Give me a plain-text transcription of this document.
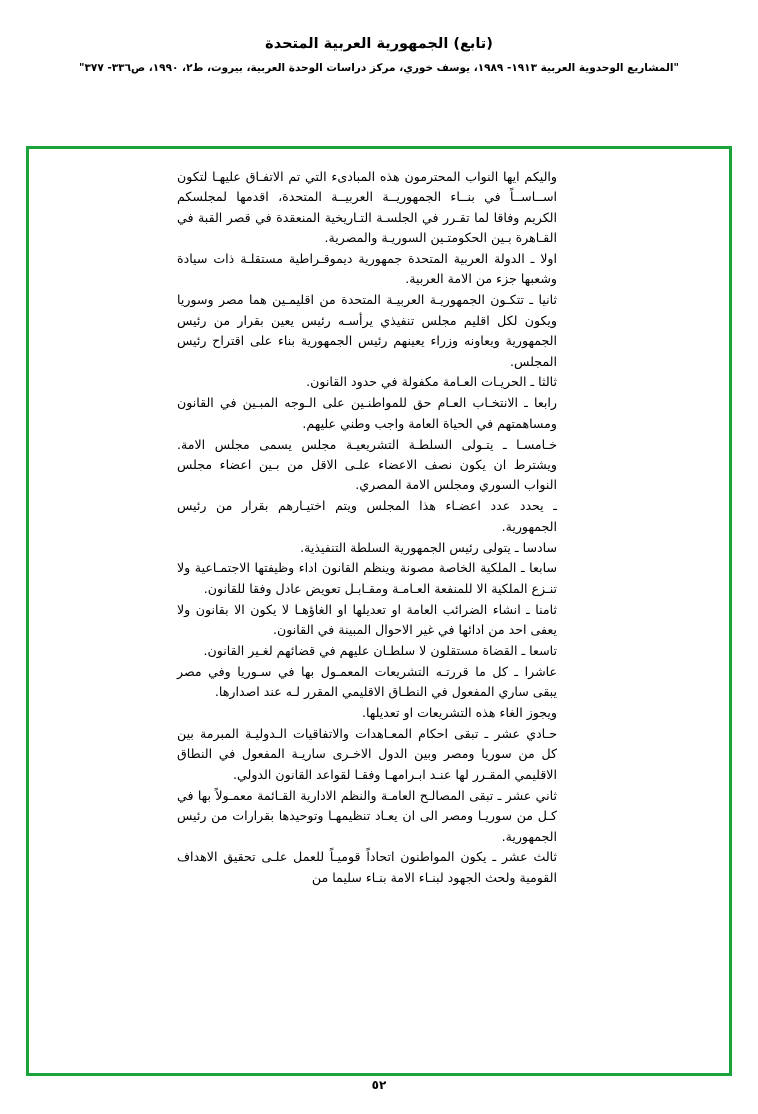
(تابع) الجمهورية العربية المتحدة
"المشاريع الوحدوية العربية ١٩١٣- ١٩٨٩، يوسف خوري، مركز دراسات الوحدة العربية، بيروت، ط٢، ١٩٩٠، ص٣٣٦- ٣٧٧"

واليكم ايها النواب المحترمون هذه المبادىء التي تم الاتفـاق عليهـا لتكون اســاســاً في بنــاء الجمهوريــة العربيــة المتحدة، اقدمها لمجلسكم الكريم وفاقا لما تقـرر في الجلسـة التـاريخية المنعقدة في قصر القبة في القـاهرة بـين الحكومتـين السوريـة والمصرية.

اولا ـ الدولة العربية المتحدة جمهورية ديموقـراطية مستقلـة ذات سيادة وشعبها جزء من الامة العربية.

ثانيا ـ تتكـون الجمهوريـة العربيـة المتحدة من اقليمـين هما مصر وسوريا ويكون لكل اقليم مجلس تنفيذي يرأسـه رئيس يعين بقرار من رئيس الجمهورية ويعاونه وزراء يعينهم رئيس الجمهورية بناء على اقتراح رئيس المجلس.

ثالثا ـ الحريـات العـامة مكفولة في حدود القانون.

رابعا ـ الانتخـاب العـام حق للمواطنـين على الـوجه المبـين في القانون ومساهمتهم في الحياة العامة واجب وطني عليهم.

خـامسـا ـ يتـولى السلطـة التشريعيـة مجلس يسمى مجلس الامة. ويشترط ان يكون نصف الاعضاء علـى الاقل من بـين اعضاء مجلس النواب السوري ومجلس الامة المصري.

ـ يحدد عدد اعضـاء هذا المجلس ويتم اختيـارهم بقرار من رئيس الجمهورية.

سادسا ـ يتولى رئيس الجمهورية السلطة التنفيذية.

سابعا ـ الملكية الخاصة مصونة وينظم القانون اداء وظيفتها الاجتمـاعية ولا تنـزع الملكية الا للمنفعة العـامـة ومقـابـل تعويض عادل وفقا للقانون.

ثامنا ـ انشاء الضرائب العامة او تعديلها او الغاؤهـا لا يكون الا بقانون ولا يعفى احد من ادائها في غير الاحوال المبينة في القانون.

تاسعا ـ القضاة مستقلون لا سلطـان عليهم في قضائهم لغـير القانون.

عاشرا ـ كل ما قررتـه التشريعات المعمـول بها في سـوريا وفي مصر يبقى ساري المفعول في النطـاق الاقليمي المقرر لـه عند اصدارها.

ويجوز الغاء هذه التشريعات او تعديلها.

حـادي عشر ـ تبقى احكام المعـاهدات والاتفاقيات الـدوليـة المبرمة بين كل من سوريا ومصر وبين الدول الاخـرى ساريـة المفعول في النطاق الاقليمي المقـرر لها عنـد ابـرامهـا وفقـا لقواعد القانون الدولي.

ثاني عشر ـ تبقى المصالـح العامـة والنظم الادارية القـائمة معمـولاً بها في كـل من سوريـا ومصر الى ان يعـاد تنظيمهـا وتوحيدها بقرارات من رئيس الجمهورية.

ثالث عشر ـ يكون المواطنون اتحاداً قوميـاً للعمل علـى تحقيق الاهداف القومية ولحث الجهود لبنـاء الامة بنـاء سليما من

٥٢
